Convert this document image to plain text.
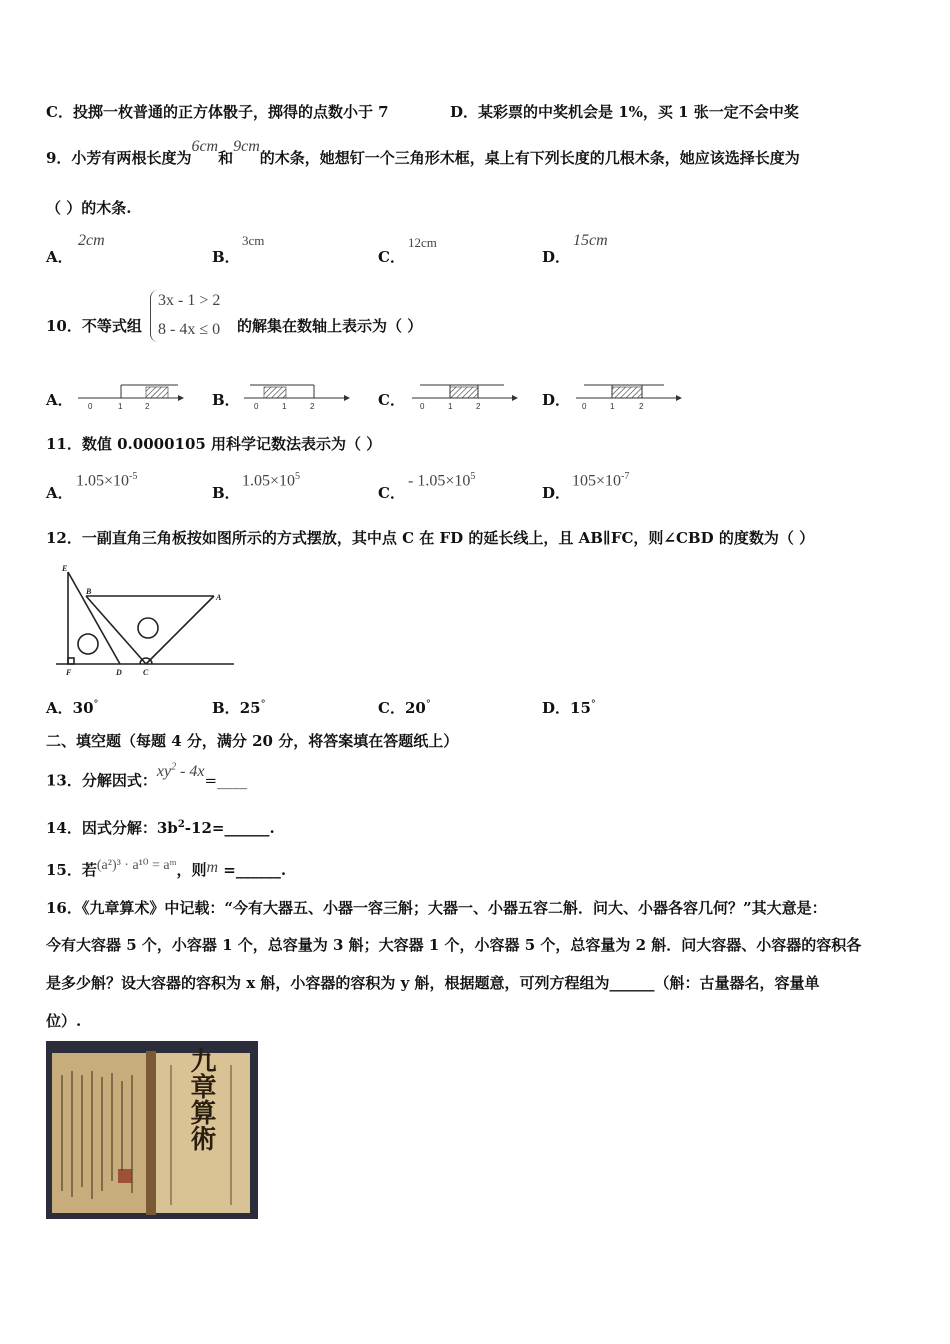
C．投掷一枚普通的正方体骰子，掷得的点数小于 7	D．某彩票的中奖机会是 1%，买 1 张一定不会中奖
9．小芳有两根长度为6cm和9cm的木条，她想钉一个三角形木框，桌上有下列长度的几根木条，她应该选择长度为
（ ）的木条.
A．
2cm
B．
3cm
C．
12cm
D．
15cm
10．不等式组
3x - 1 > 2
8 - 4x ≤ 0 的解集在数轴上表示为（ ）
A．	B．	C．	D．
0	1	2	0	1	2	0	1	2	0	1	2
11．数值 0.0000105 用科学记数法表示为（ ）
A．
$1.05\times 10^{-5}$
B．
$1.05\times 10^5$
C．
- $1.05\times 10^5$
D．
$105\times 10^{-7}$
12．一副直角三角板按如图所示的方式摆放，其中点 C 在 FD 的延长线上，且 AB∥FC，则∠CBD 的度数为（ ）
E
B
A
F	D	C
A．30°	B．25°	C．20°	D．15°
二、填空题（每题 4 分，满分 20 分，将答案填在答题纸上）
13．分解因式：$xy^2$ - 4x=____
14．因式分解：$3b^2-12=\_\_\_\_\_\_$.
15．若(a²)³ · a¹⁰ = aᵐ，则m =______.
16．《九章算术》中记载：“今有大器五、小器一容三斛；大器一、小器五容二斛．问大、小器各容几何？”其大意是：
今有大容器 5 个，小容器 1 个，总容量为 3 斛；大容器 1 个，小容器 5 个，总容量为 2 斛．问大容器、小容器的容积各
是多少斛？设大容器的容积为 x 斛，小容器的容积为 y 斛，根据题意，可列方程组为______（斛：古量器名，容量单
位）.
九章算術
